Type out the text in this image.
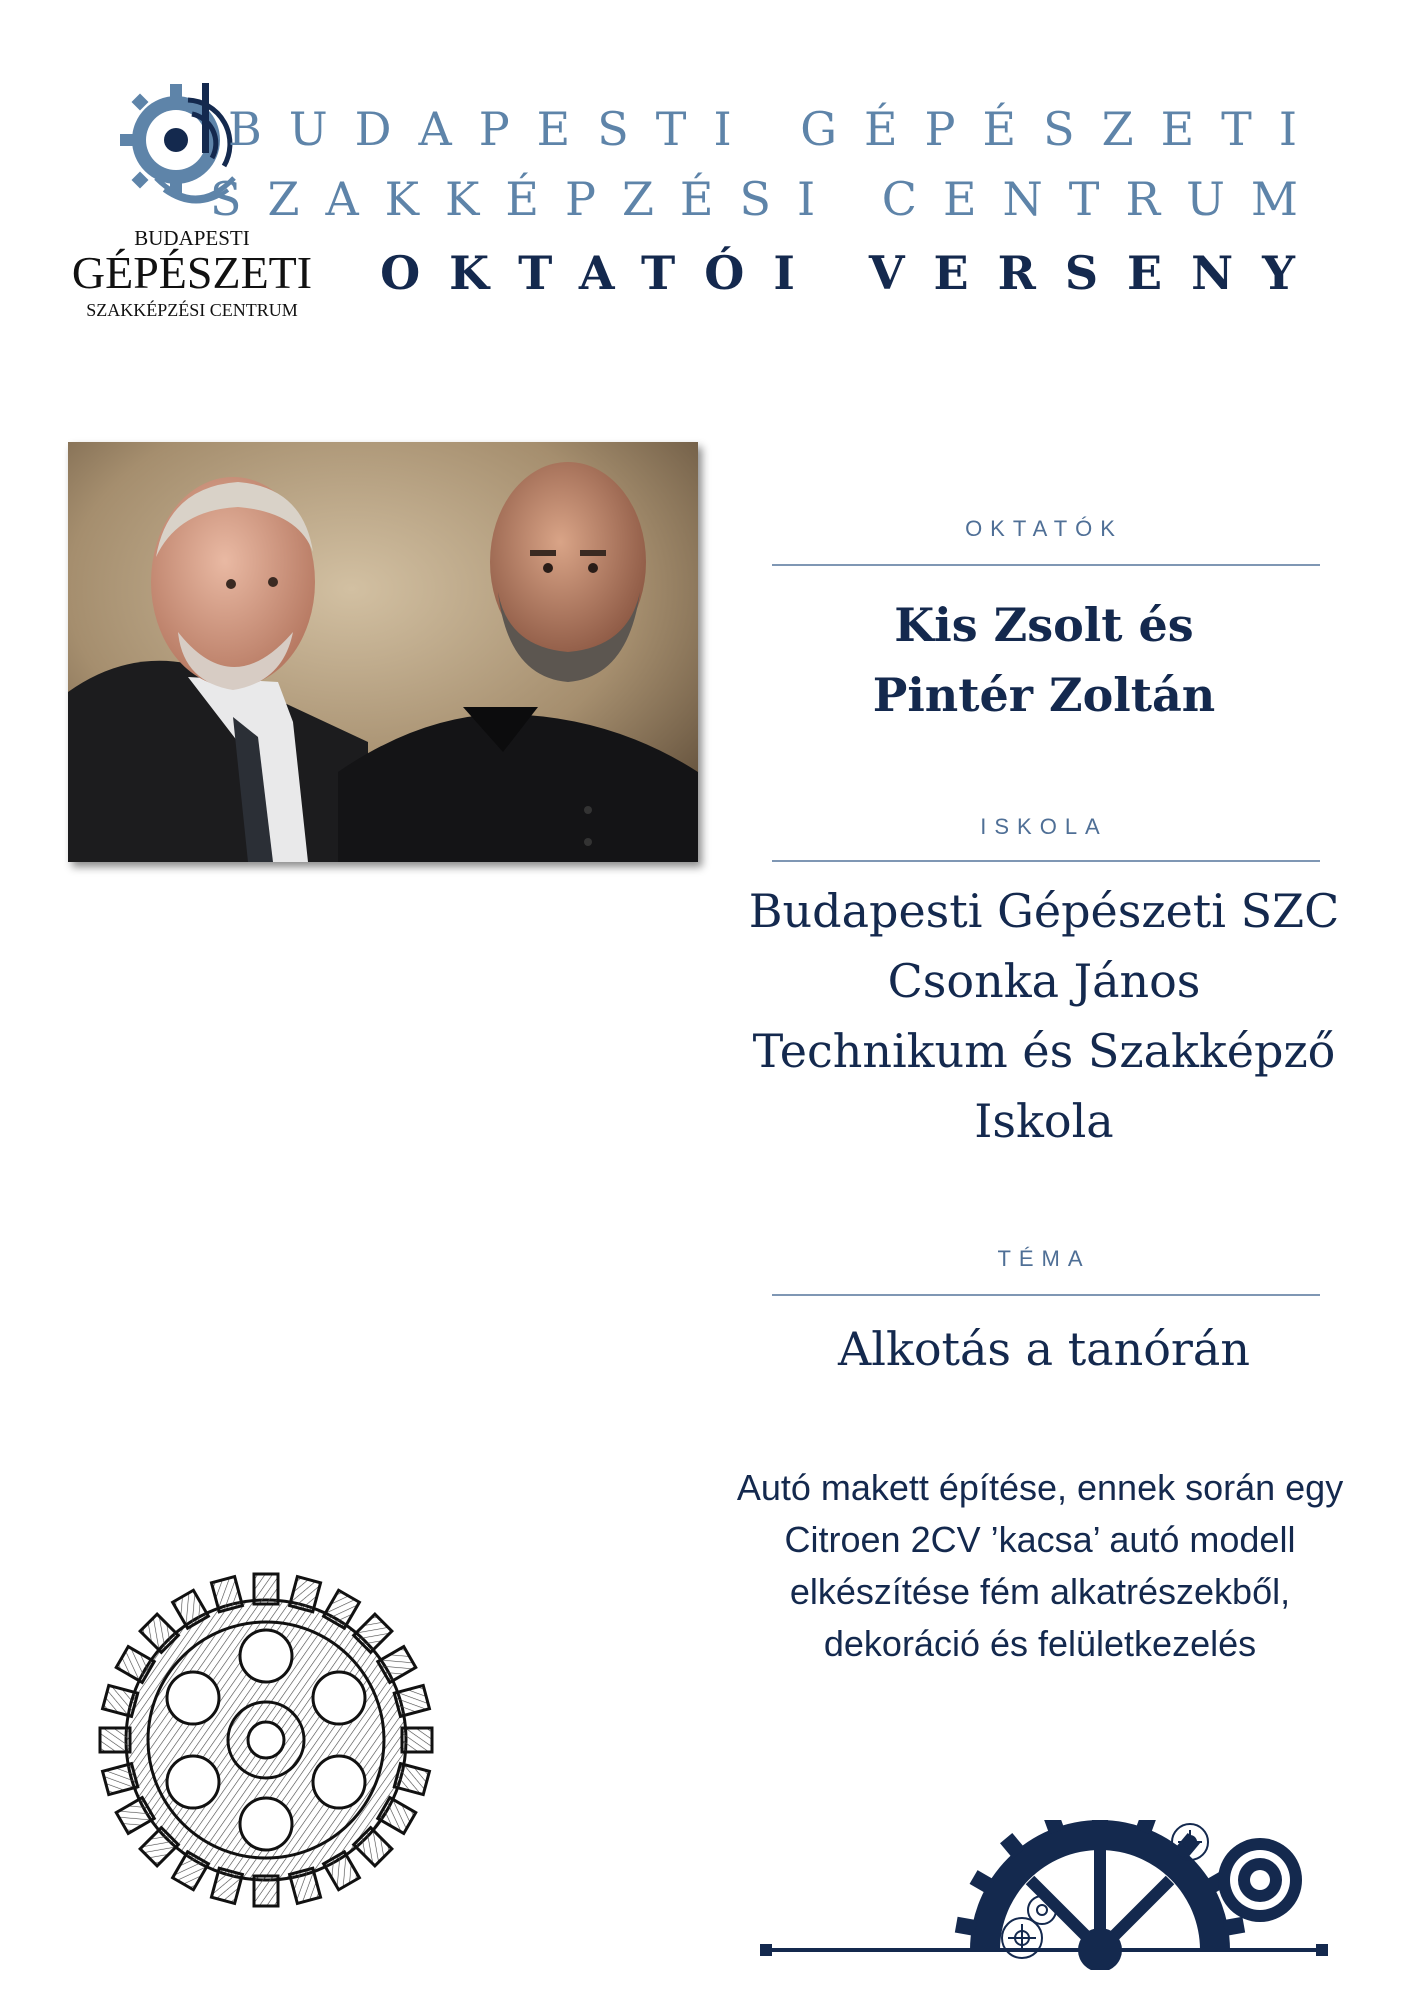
BUDAPESTI
GÉPÉSZETI
SZAKKÉPZÉSI CENTRUM
BUDAPESTI GÉPÉSZETI
SZAKKÉPZÉSI CENTRUM
OKTATÓI VERSENY
OKTATÓK
Kis Zsolt és
Pintér Zoltán
ISKOLA
Budapesti Gépészeti SZC
Csonka János
Technikum és Szakképző
Iskola
TÉMA
Alkotás a tanórán
Autó makett építése, ennek során egy
Citroen 2CV ’kacsa’ autó modell
elkészítése fém alkatrészekből,
dekoráció és felületkezelés
